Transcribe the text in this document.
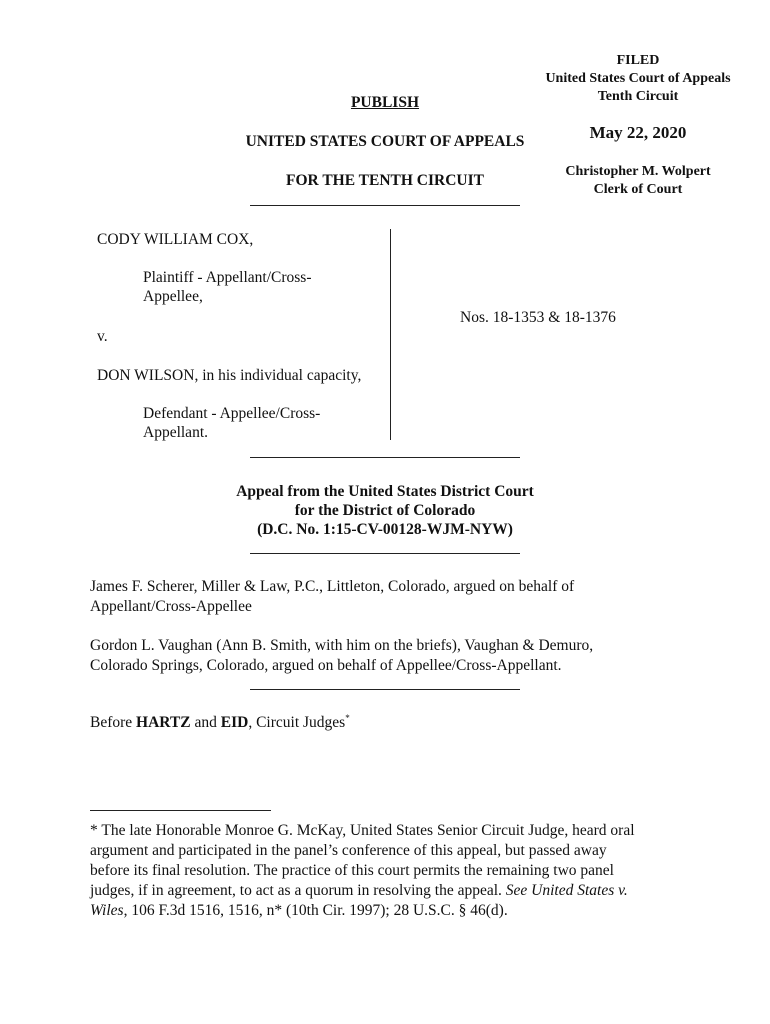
FILED
United States Court of Appeals
Tenth Circuit
May 22, 2020
Christopher M. Wolpert
Clerk of Court
PUBLISH
UNITED STATES COURT OF APPEALS
FOR THE TENTH CIRCUIT
CODY WILLIAM COX,
Plaintiff - Appellant/Cross-
Appellee,
v.
DON WILSON, in his individual capacity,
Defendant - Appellee/Cross-
Appellant.
Nos. 18-1353 & 18-1376
Appeal from the United States District Court
for the District of Colorado
(D.C. No. 1:15-CV-00128-WJM-NYW)
James F. Scherer, Miller & Law, P.C., Littleton, Colorado, argued on behalf of
Appellant/Cross-Appellee
Gordon L. Vaughan (Ann B. Smith, with him on the briefs), Vaughan & Demuro,
Colorado Springs, Colorado, argued on behalf of Appellee/Cross-Appellant.
Before HARTZ and EID, Circuit Judges*
* The late Honorable Monroe G. McKay, United States Senior Circuit Judge, heard oral
argument and participated in the panel’s conference of this appeal, but passed away
before its final resolution. The practice of this court permits the remaining two panel
judges, if in agreement, to act as a quorum in resolving the appeal. See United States v.
Wiles, 106 F.3d 1516, 1516, n* (10th Cir. 1997); 28 U.S.C. § 46(d).
